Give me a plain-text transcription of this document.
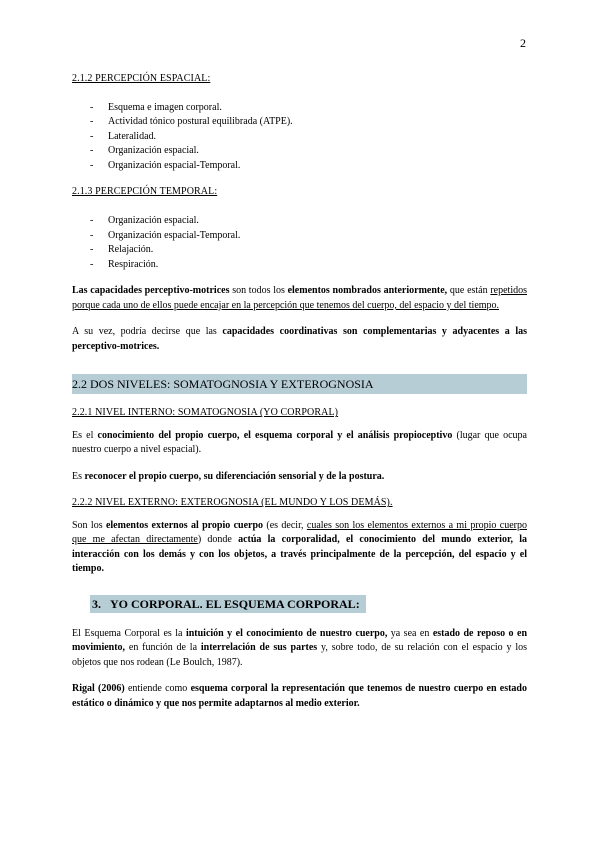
2
2.1.2 PERCEPCIÓN ESPACIAL:
- Esquema e imagen corporal.
- Actividad tónico postural equilibrada (ATPE).
- Lateralidad.
- Organización espacial.
- Organización espacial-Temporal.
2.1.3 PERCEPCIÓN TEMPORAL:
- Organización espacial.
- Organización espacial-Temporal.
- Relajación.
- Respiración.

Las capacidades perceptivo-motrices son todos los elementos nombrados anteriormente, que están repetidos porque cada uno de ellos puede encajar en la percepción que tenemos del cuerpo, del espacio y del tiempo.

A su vez, podría decirse que las capacidades coordinativas son complementarias y adyacentes a las perceptivo-motrices.

2.2 DOS NIVELES: SOMATOGNOSIA Y EXTEROGNOSIA
2.2.1 NIVEL INTERNO: SOMATOGNOSIA (YO CORPORAL)

Es el conocimiento del propio cuerpo, el esquema corporal y el análisis propioceptivo (lugar que ocupa nuestro cuerpo a nivel espacial).

Es reconocer el propio cuerpo, su diferenciación sensorial y de la postura.

2.2.2 NIVEL EXTERNO: EXTEROGNOSIA (EL MUNDO Y LOS DEMÁS).

Son los elementos externos al propio cuerpo (es decir, cuales son los elementos externos a mi propio cuerpo que me afectan directamente) donde actúa la corporalidad, el conocimiento del mundo exterior, la interacción con los demás y con los objetos, a través principalmente de la percepción, del espacio y el tiempo.

3. YO CORPORAL. EL ESQUEMA CORPORAL:

El Esquema Corporal es la intuición y el conocimiento de nuestro cuerpo, ya sea en estado de reposo o en movimiento, en función de la interrelación de sus partes y, sobre todo, de su relación con el espacio y los objetos que nos rodean (Le Boulch, 1987).

Rigal (2006) entiende como esquema corporal la representación que tenemos de nuestro cuerpo en estado estático o dinámico y que nos permite adaptarnos al medio exterior.
